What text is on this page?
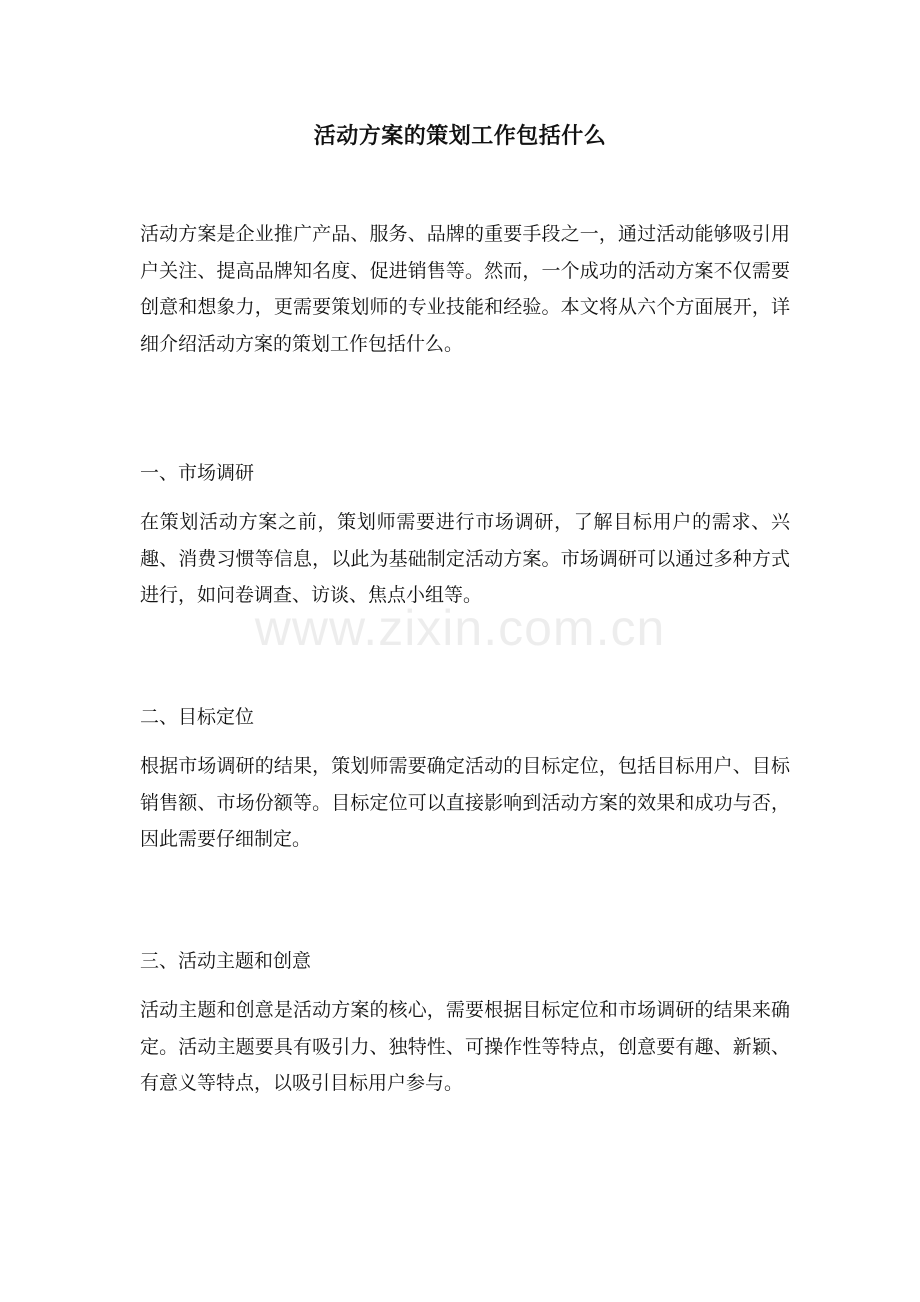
活动方案的策划工作包括什么
活动方案是企业推广产品、服务、品牌的重要手段之一，通过活动能够吸引用户关注、提高品牌知名度、促进销售等。然而，一个成功的活动方案不仅需要创意和想象力，更需要策划师的专业技能和经验。本文将从六个方面展开，详细介绍活动方案的策划工作包括什么。
一、市场调研
在策划活动方案之前，策划师需要进行市场调研，了解目标用户的需求、兴趣、消费习惯等信息，以此为基础制定活动方案。市场调研可以通过多种方式进行，如问卷调查、访谈、焦点小组等。
二、目标定位
根据市场调研的结果，策划师需要确定活动的目标定位，包括目标用户、目标销售额、市场份额等。目标定位可以直接影响到活动方案的效果和成功与否，因此需要仔细制定。
三、活动主题和创意
活动主题和创意是活动方案的核心，需要根据目标定位和市场调研的结果来确定。活动主题要具有吸引力、独特性、可操作性等特点，创意要有趣、新颖、有意义等特点，以吸引目标用户参与。
www.zixin.com.cn
